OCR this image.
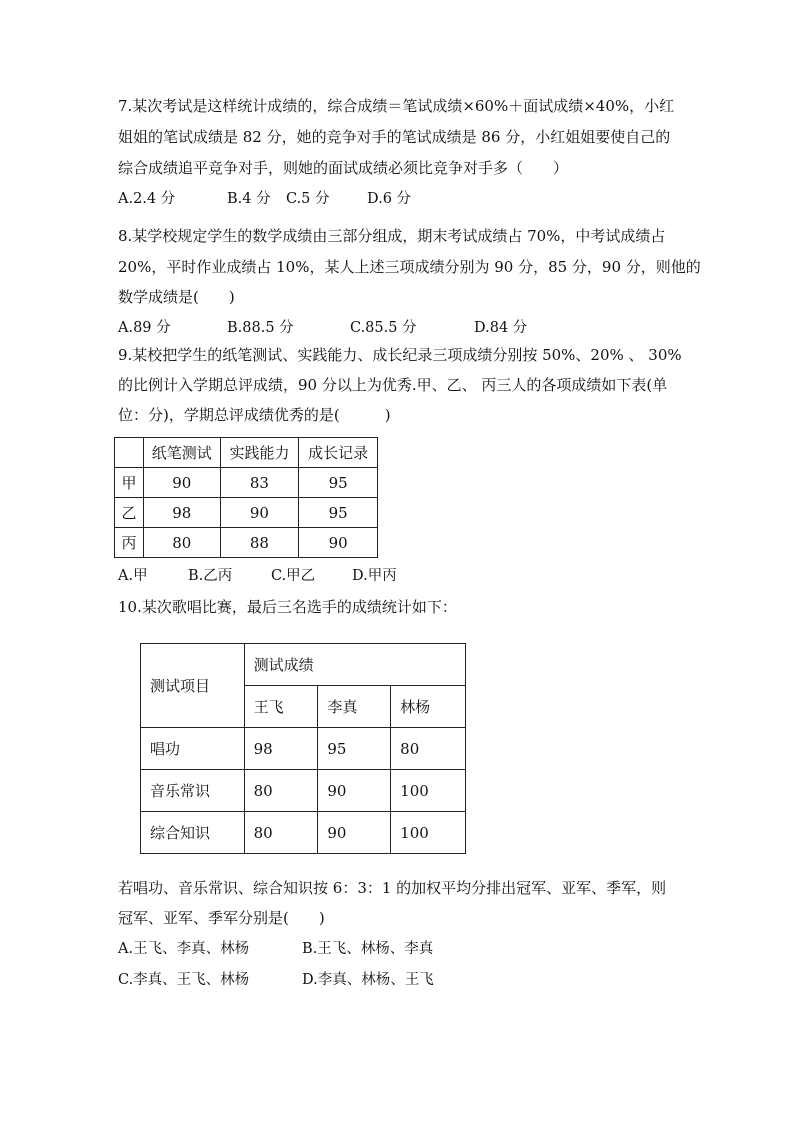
7.某次考试是这样统计成绩的，综合成绩＝笔试成绩×60%＋面试成绩×40%，小红
姐姐的笔试成绩是 82 分，她的竞争对手的笔试成绩是 86 分，小红姐姐要使自己的
综合成绩追平竞争对手，则她的面试成绩必须比竞争对手多（　　）
A.2.4 分	B.4 分 C.5 分	D.6 分
8.某学校规定学生的数学成绩由三部分组成，期末考试成绩占 70%，中考试成绩占
20%，平时作业成绩占 10%，某人上述三项成绩分别为 90 分，85 分，90 分，则他的
数学成绩是(　　)
A.89 分	B.88.5 分	C.85.5 分	D.84 分
9.某校把学生的纸笔测试、实践能力、成长纪录三项成绩分别按 50%、20% 、 30%
的比例计入学期总评成绩，90 分以上为优秀.甲、乙、 丙三人的各项成绩如下表(单
位：分)，学期总评成绩优秀的是(　　　)
	纸笔测试	实践能力	成长记录
甲	90	83	95
乙	98	90	95
丙	80	88	90
A.甲	B.乙丙	C.甲乙	D.甲丙
10.某次歌唱比赛，最后三名选手的成绩统计如下：
测试项目	测试成绩		
	王飞	李真	林杨
唱功	98	95	80
音乐常识	80	90	100
综合知识	80	90	100
若唱功、音乐常识、综合知识按 6：3：1 的加权平均分排出冠军、亚军、季军，则
冠军、亚军、季军分别是(　　)
A.王飞、李真、林杨	B.王飞、林杨、李真
C.李真、王飞、林杨	D.李真、林杨、王飞
